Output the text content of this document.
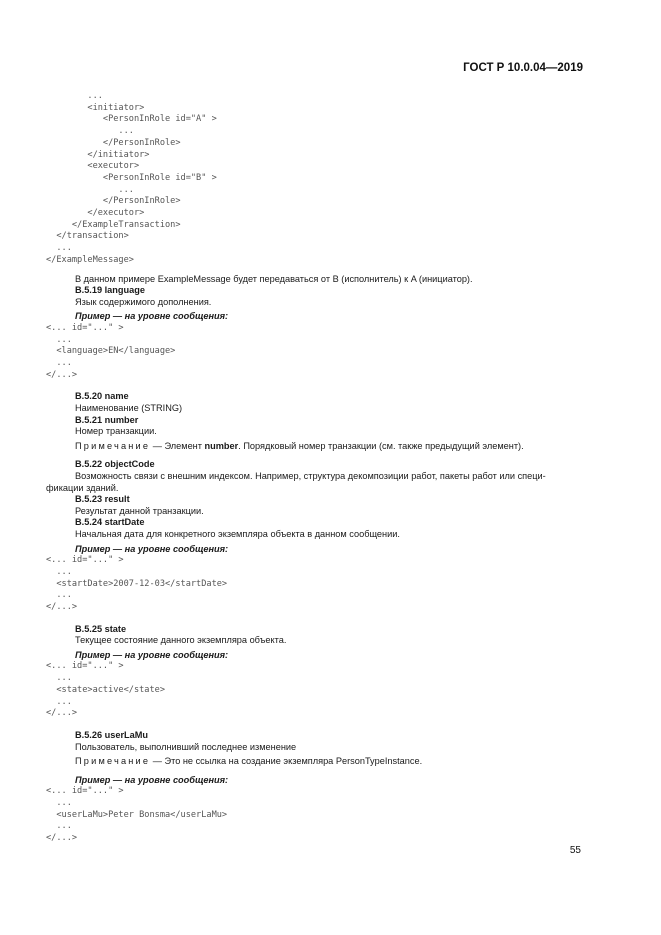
ГОСТ Р 10.0.04—2019
...
<initiator>
<PersonInRole id="A" >
...
</PersonInRole>
</initiator>
<executor>
<PersonInRole id="B" >
...
</PersonInRole>
</executor>
</ExampleTransaction>
</transaction>
...
</ExampleMessage>

В данном примере ExampleMessage будет передаваться от B (исполнитель) к A (инициатор).

B.5.19 language

Язык содержимого дополнения.

Пример — на уровне сообщения:

<... id="..." >
...
<language>EN</language>
...
</...>

B.5.20 name

Наименование (STRING)

B.5.21 number

Номер транзакции.

Примечание — Элемент number. Порядковый номер транзакции (см. также предыдущий элемент).

B.5.22 objectCode

Возможность связи с внешним индексом. Например, структура декомпозиции работ, пакеты работ или специ-

фикации зданий.

B.5.23 result

Результат данной транзакции.

B.5.24 startDate

Начальная дата для конкретного экземпляра объекта в данном сообщении.

Пример — на уровне сообщения:

<... id="..." >
...
<startDate>2007-12-03</startDate>
...
</...>

B.5.25 state

Текущее состояние данного экземпляра объекта.

Пример — на уровне сообщения:

<... id="..." >
...
<state>active</state>
...
</...>

B.5.26 userLaMu

Пользователь, выполнивший последнее изменение

Примечание — Это не ссылка на создание экземпляра PersonTypeInstance.

Пример — на уровне сообщения:

<... id="..." >
...
<userLaMu>Peter Bonsma</userLaMu>
...
</...>
55
